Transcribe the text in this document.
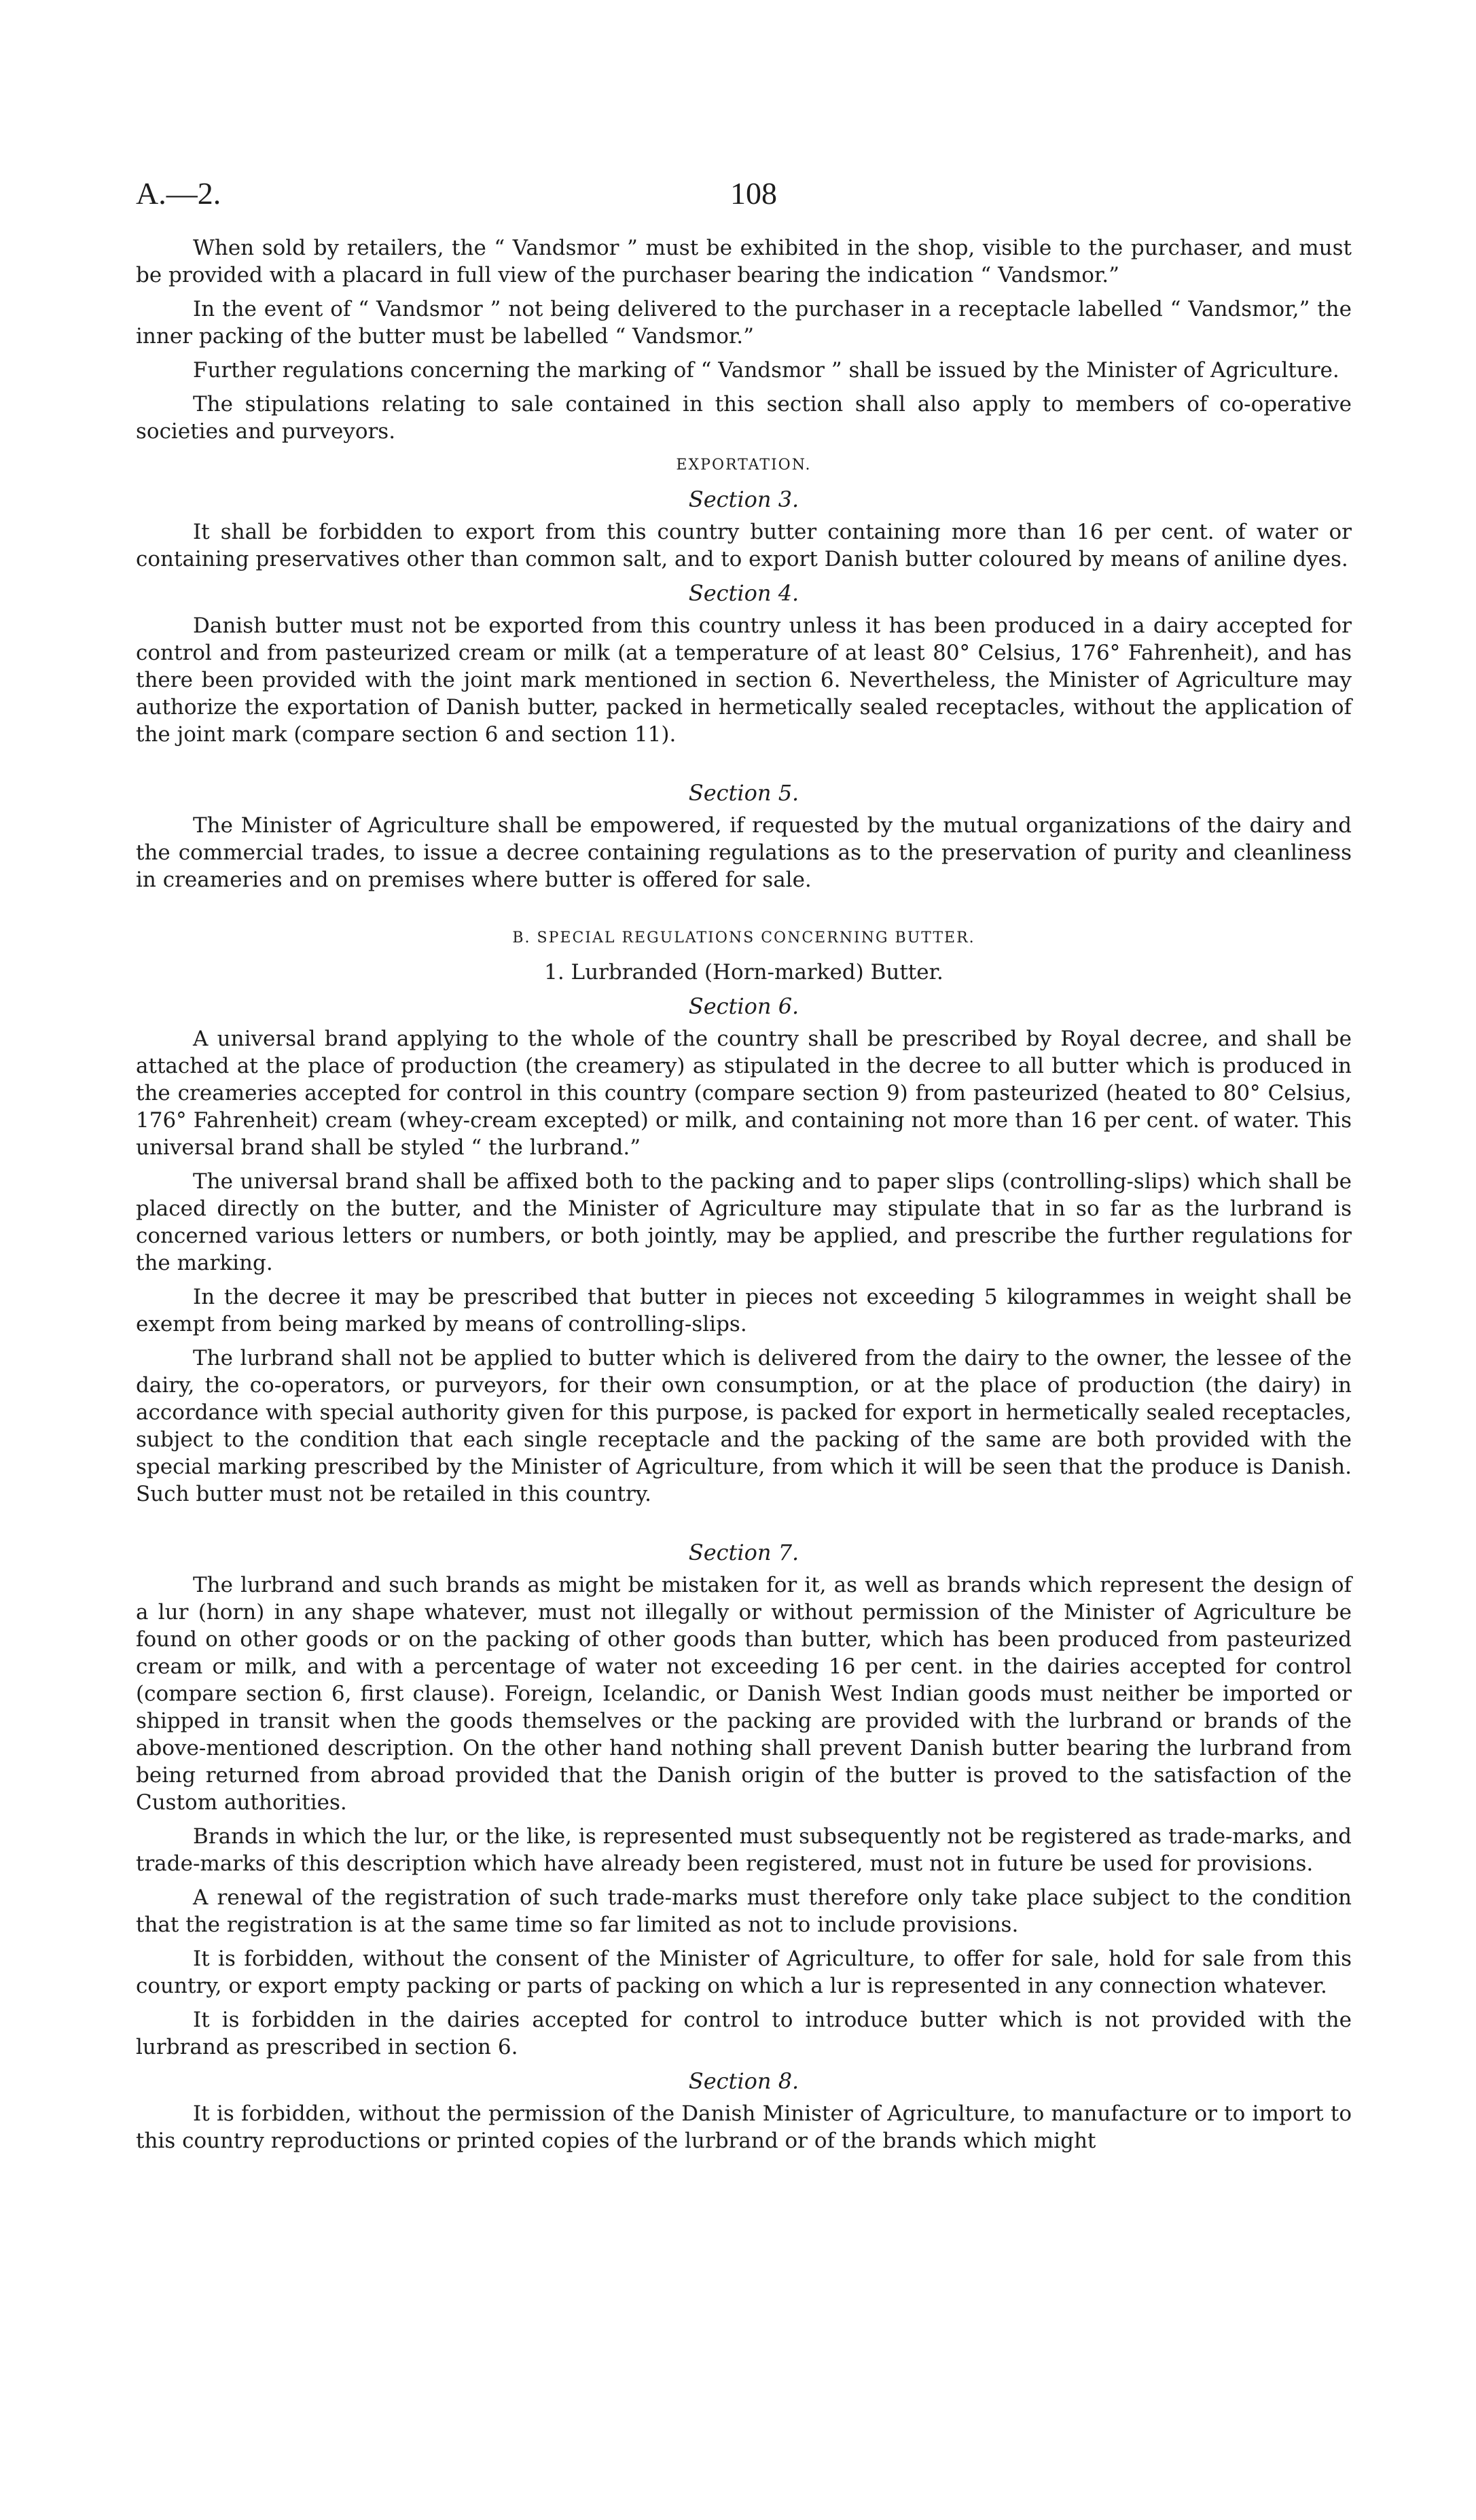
A.—2.	108

When sold by retailers, the “ Vandsmor ” must be exhibited in the shop, visible to the purchaser, and must be provided with a placard in full view of the purchaser bearing the indication “ Vandsmor.”

In the event of “ Vandsmor ” not being delivered to the purchaser in a receptacle labelled “ Vandsmor,” the inner packing of the butter must be labelled “ Vandsmor.”

Further regulations concerning the marking of “ Vandsmor ” shall be issued by the Minister of Agriculture.

The stipulations relating to sale contained in this section shall also apply to members of co-operative societies and purveyors.

EXPORTATION.
Section 3.

It shall be forbidden to export from this country butter containing more than 16 per cent. of water or containing preservatives other than common salt, and to export Danish butter coloured by means of aniline dyes.

Section 4.

Danish butter must not be exported from this country unless it has been produced in a dairy accepted for control and from pasteurized cream or milk (at a temperature of at least 80° Celsius, 176° Fahrenheit), and has there been provided with the joint mark mentioned in section 6. Nevertheless, the Minister of Agriculture may authorize the exportation of Danish butter, packed in hermetically sealed receptacles, without the application of the joint mark (compare section 6 and section 11).

Section 5.

The Minister of Agriculture shall be empowered, if requested by the mutual organizations of the dairy and the commercial trades, to issue a decree containing regulations as to the preservation of purity and cleanliness in creameries and on premises where butter is offered for sale.

B. SPECIAL REGULATIONS CONCERNING BUTTER.
1. Lurbranded (Horn-marked) Butter.
Section 6.

A universal brand applying to the whole of the country shall be prescribed by Royal decree, and shall be attached at the place of production (the creamery) as stipulated in the decree to all butter which is produced in the creameries accepted for control in this country (compare section 9) from pasteurized (heated to 80° Celsius, 176° Fahrenheit) cream (whey-cream excepted) or milk, and containing not more than 16 per cent. of water. This universal brand shall be styled “ the lurbrand.”

The universal brand shall be affixed both to the packing and to paper slips (controlling-slips) which shall be placed directly on the butter, and the Minister of Agriculture may stipulate that in so far as the lurbrand is concerned various letters or numbers, or both jointly, may be applied, and prescribe the further regulations for the marking.

In the decree it may be prescribed that butter in pieces not exceeding 5 kilogrammes in weight shall be exempt from being marked by means of controlling-slips.

The lurbrand shall not be applied to butter which is delivered from the dairy to the owner, the lessee of the dairy, the co-operators, or purveyors, for their own consumption, or at the place of production (the dairy) in accordance with special authority given for this purpose, is packed for export in hermetically sealed receptacles, subject to the condition that each single receptacle and the packing of the same are both provided with the special marking prescribed by the Minister of Agriculture, from which it will be seen that the produce is Danish. Such butter must not be retailed in this country.

Section 7.

The lurbrand and such brands as might be mistaken for it, as well as brands which represent the design of a lur (horn) in any shape whatever, must not illegally or without permission of the Minister of Agriculture be found on other goods or on the packing of other goods than butter, which has been produced from pasteurized cream or milk, and with a percentage of water not exceeding 16 per cent. in the dairies accepted for control (compare section 6, first clause). Foreign, Icelandic, or Danish West Indian goods must neither be imported or shipped in transit when the goods themselves or the packing are provided with the lurbrand or brands of the above-mentioned description. On the other hand nothing shall prevent Danish butter bearing the lurbrand from being returned from abroad provided that the Danish origin of the butter is proved to the satisfaction of the Custom authorities.

Brands in which the lur, or the like, is represented must subsequently not be registered as trade-marks, and trade-marks of this description which have already been registered, must not in future be used for provisions.

A renewal of the registration of such trade-marks must therefore only take place subject to the condition that the registration is at the same time so far limited as not to include provisions.

It is forbidden, without the consent of the Minister of Agriculture, to offer for sale, hold for sale from this country, or export empty packing or parts of packing on which a lur is represented in any connection whatever.

It is forbidden in the dairies accepted for control to introduce butter which is not provided with the lurbrand as prescribed in section 6.

Section 8.

It is forbidden, without the permission of the Danish Minister of Agriculture, to manufacture or to import to this country reproductions or printed copies of the lurbrand or of the brands which might
